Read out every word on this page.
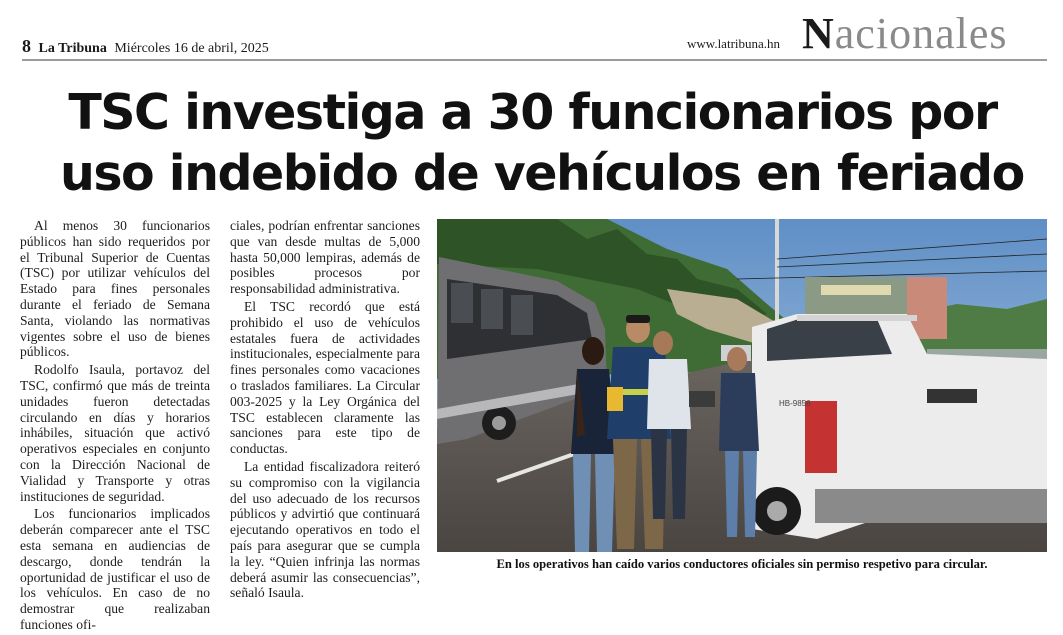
8 La Tribuna Miércoles 16 de abril, 2025	www.latribuna.hn Nacionales
TSC investiga a 30 funcionarios por
uso indebido de vehículos en feriado

Al menos 30 funcionarios públicos han sido requeridos por el Tribunal Superior de Cuentas (TSC) por utilizar vehículos del Estado para fines personales durante el feriado de Semana Santa, violando las normativas vigentes sobre el uso de bienes públicos.

Rodolfo Isaula, portavoz del TSC, confirmó que más de treinta unidades fueron detectadas circulando en días y horarios inhábiles, situación que activó operativos especiales en conjunto con la Dirección Nacional de Vialidad y Transporte y otras instituciones de seguridad.

Los funcionarios implicados deberán comparecer ante el TSC esta semana en audiencias de descargo, donde tendrán la oportunidad de justificar el uso de los vehículos. En caso de no demostrar que realizaban funciones ofi-

ciales, podrían enfrentar sanciones que van desde multas de 5,000 hasta 50,000 lempiras, además de posibles procesos por responsabilidad administrativa.

El TSC recordó que está prohibido el uso de vehículos estatales fuera de actividades institucionales, especialmente para fines personales como vacaciones o traslados familiares. La Circular 003-2025 y la Ley Orgánica del TSC establecen claramente las sanciones para este tipo de conductas.

La entidad fiscalizadora reiteró su compromiso con la vigilancia del uso adecuado de los recursos públicos y advirtió que continuará ejecutando operativos en todo el país para asegurar que se cumpla la ley. “Quien infrinja las normas deberá asumir las consecuencias”, señaló Isaula.

HB-9856
En los operativos han caído varios conductores oficiales sin permiso respetivo para circular.
